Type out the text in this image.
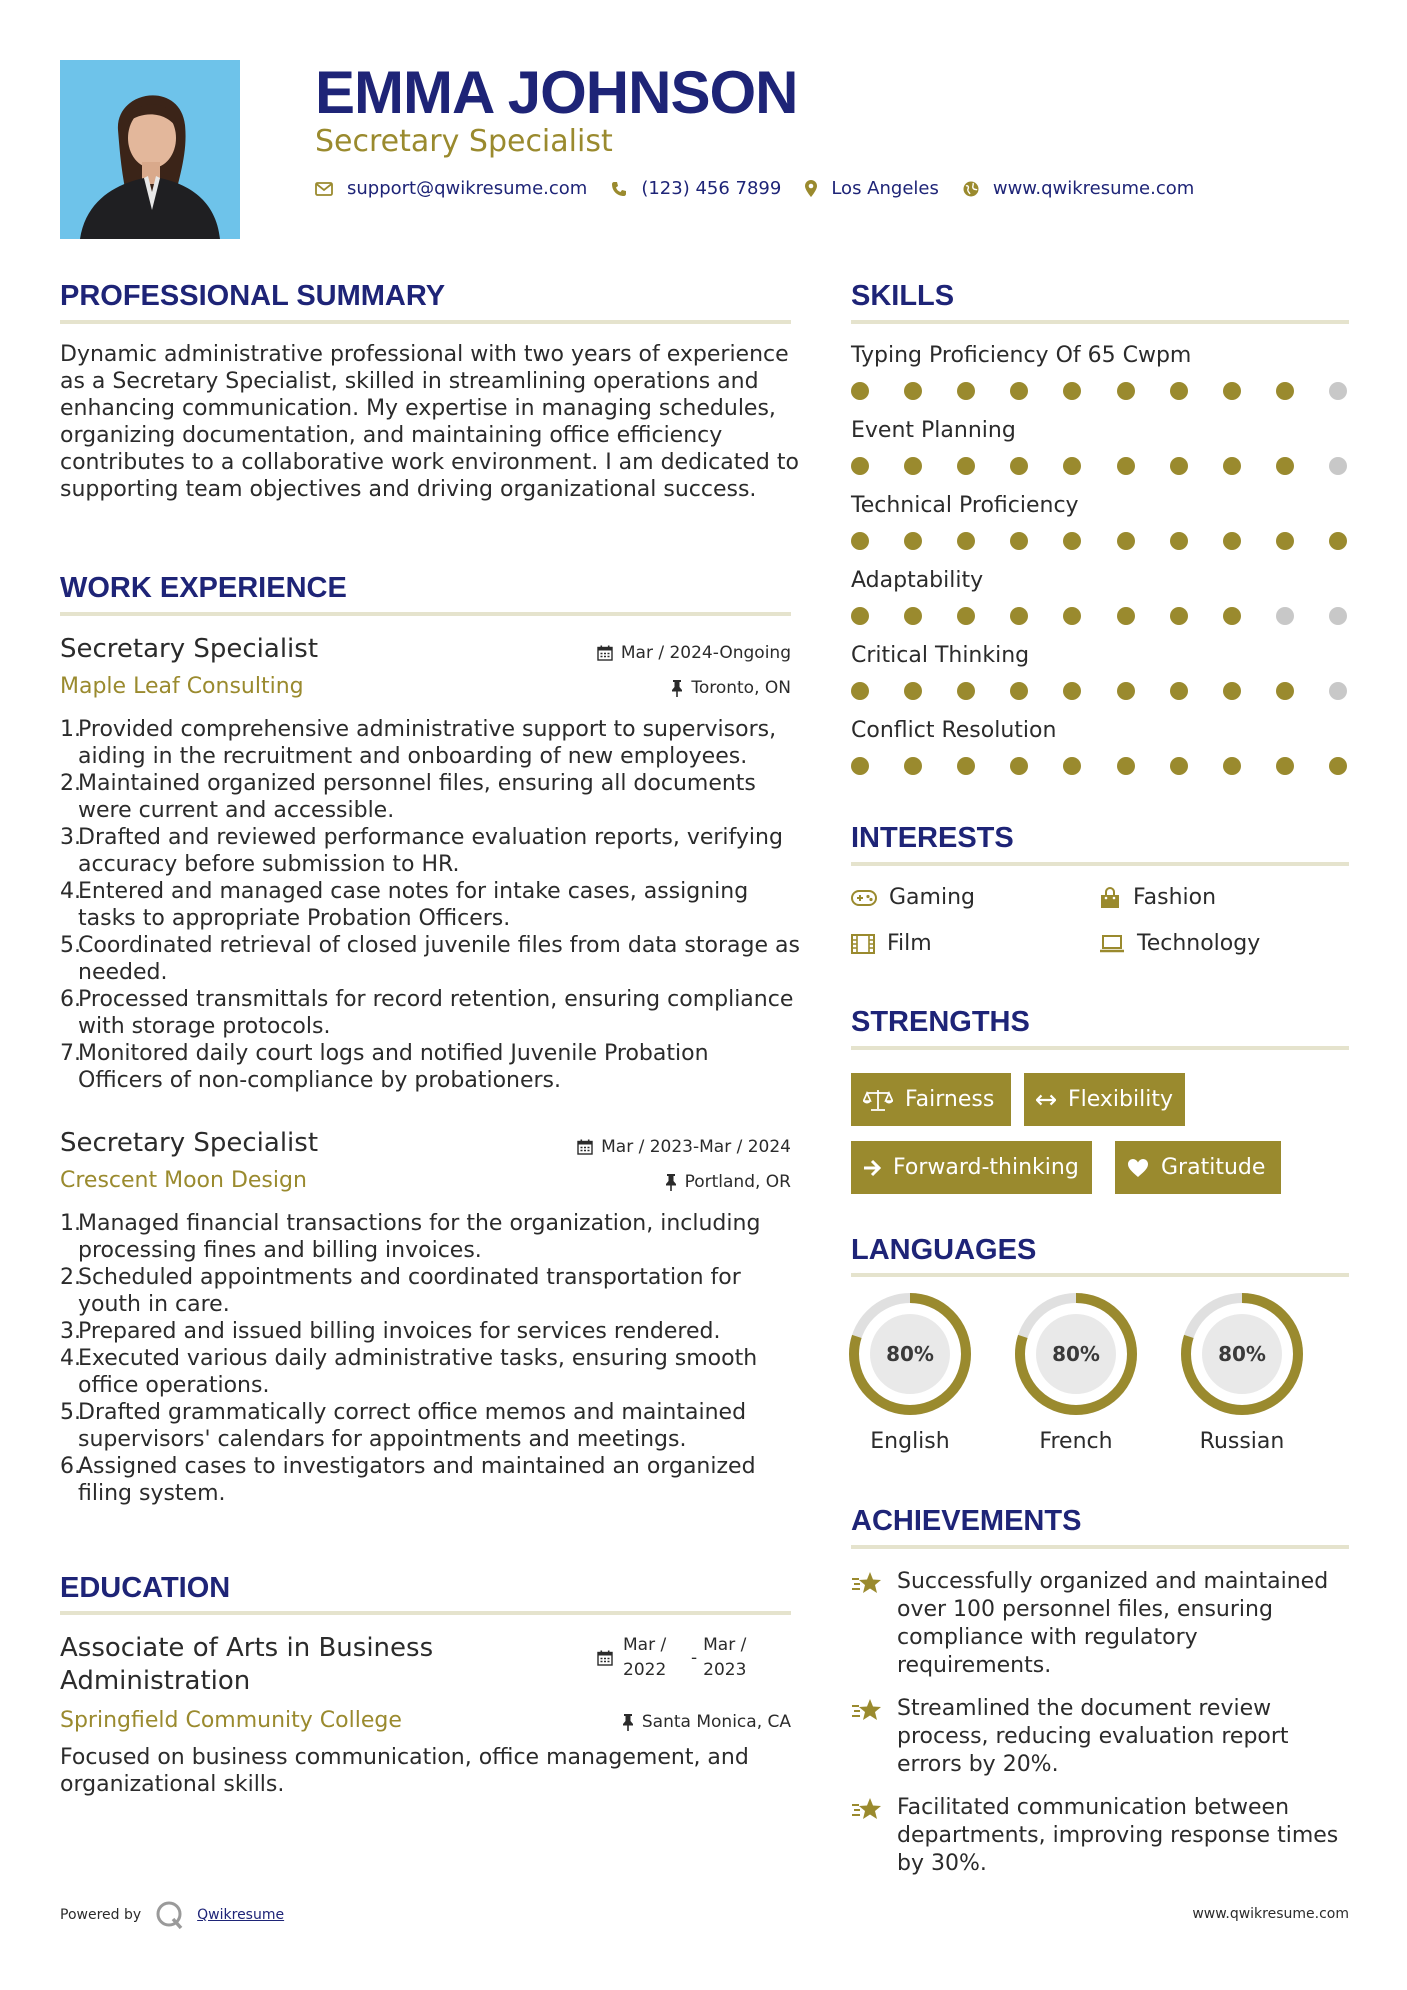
EMMA JOHNSON
Secretary Specialist
support@qwikresume.com	(123) 456 7899	Los Angeles	www.qwikresume.com
PROFESSIONAL SUMMARY
Dynamic administrative professional with two years of experience as a Secretary Specialist, skilled in streamlining operations and enhancing communication. My expertise in managing schedules, organizing documentation, and maintaining office efficiency contributes to a collaborative work environment. I am dedicated to supporting team objectives and driving organizational success.
WORK EXPERIENCE
Secretary Specialist	Mar / 2024-Ongoing
Maple Leaf Consulting	Toronto, ON
Provided comprehensive administrative support to supervisors, aiding in the recruitment and onboarding of new employees.
Maintained organized personnel files, ensuring all documents were current and accessible.
Drafted and reviewed performance evaluation reports, verifying accuracy before submission to HR.
Entered and managed case notes for intake cases, assigning tasks to appropriate Probation Officers.
Coordinated retrieval of closed juvenile files from data storage as needed.
Processed transmittals for record retention, ensuring compliance with storage protocols.
Monitored daily court logs and notified Juvenile Probation Officers of non-compliance by probationers.
Secretary Specialist	Mar / 2023-Mar / 2024
Crescent Moon Design	Portland, OR
Managed financial transactions for the organization, including processing fines and billing invoices.
Scheduled appointments and coordinated transportation for youth in care.
Prepared and issued billing invoices for services rendered.
Executed various daily administrative tasks, ensuring smooth office operations.
Drafted grammatically correct office memos and maintained supervisors' calendars for appointments and meetings.
Assigned cases to investigators and maintained an organized filing system.
EDUCATION
Associate of Arts in Business Administration
Mar / 2022
-
Mar / 2023
Springfield Community College	Santa Monica, CA
Focused on business communication, office management, and organizational skills.
SKILLS
Typing Proficiency Of 65 Cwpm
Event Planning
Technical Proficiency
Adaptability
Critical Thinking
Conflict Resolution
INTERESTS
Gaming	Fashion
Film	Technology
STRENGTHS
Fairness	Flexibility
Forward-thinking	Gratitude
LANGUAGES
80%
English
80%
French
80%
Russian
ACHIEVEMENTS
Successfully organized and maintained over 100 personnel files, ensuring compliance with regulatory requirements.
Streamlined the document review process, reducing evaluation report errors by 20%.
Facilitated communication between departments, improving response times by 30%.
Powered by	Qwikresume	www.qwikresume.com
